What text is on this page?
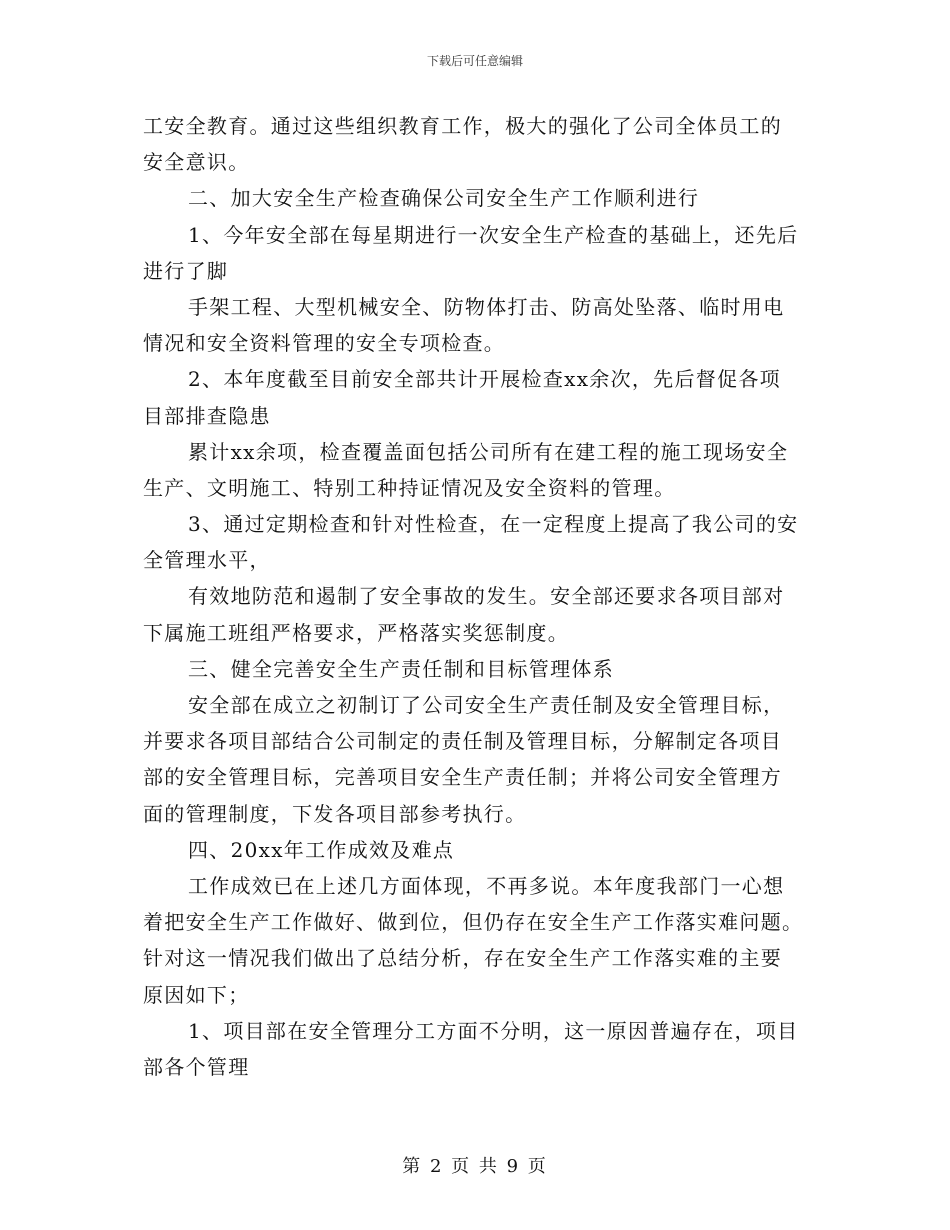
下载后可任意编辑
工安全教育。通过这些组织教育工作，极大的强化了公司全体员工的
安全意识。
二、加大安全生产检查确保公司安全生产工作顺利进行
1、今年安全部在每星期进行一次安全生产检查的基础上，还先后
进行了脚
手架工程、大型机械安全、防物体打击、防高处坠落、临时用电
情况和安全资料管理的安全专项检查。
2、本年度截至目前安全部共计开展检查xx余次，先后督促各项
目部排查隐患
累计xx余项，检查覆盖面包括公司所有在建工程的施工现场安全
生产、文明施工、特别工种持证情况及安全资料的管理。
3、通过定期检查和针对性检查，在一定程度上提高了我公司的安
全管理水平，
有效地防范和遏制了安全事故的发生。安全部还要求各项目部对
下属施工班组严格要求，严格落实奖惩制度。
三、健全完善安全生产责任制和目标管理体系
安全部在成立之初制订了公司安全生产责任制及安全管理目标，
并要求各项目部结合公司制定的责任制及管理目标，分解制定各项目
部的安全管理目标，完善项目安全生产责任制；并将公司安全管理方
面的管理制度，下发各项目部参考执行。
四、20xx年工作成效及难点
工作成效已在上述几方面体现，不再多说。本年度我部门一心想
着把安全生产工作做好、做到位，但仍存在安全生产工作落实难问题。
针对这一情况我们做出了总结分析，存在安全生产工作落实难的主要
原因如下；
1、项目部在安全管理分工方面不分明，这一原因普遍存在，项目
部各个管理
第 2 页 共 9 页
